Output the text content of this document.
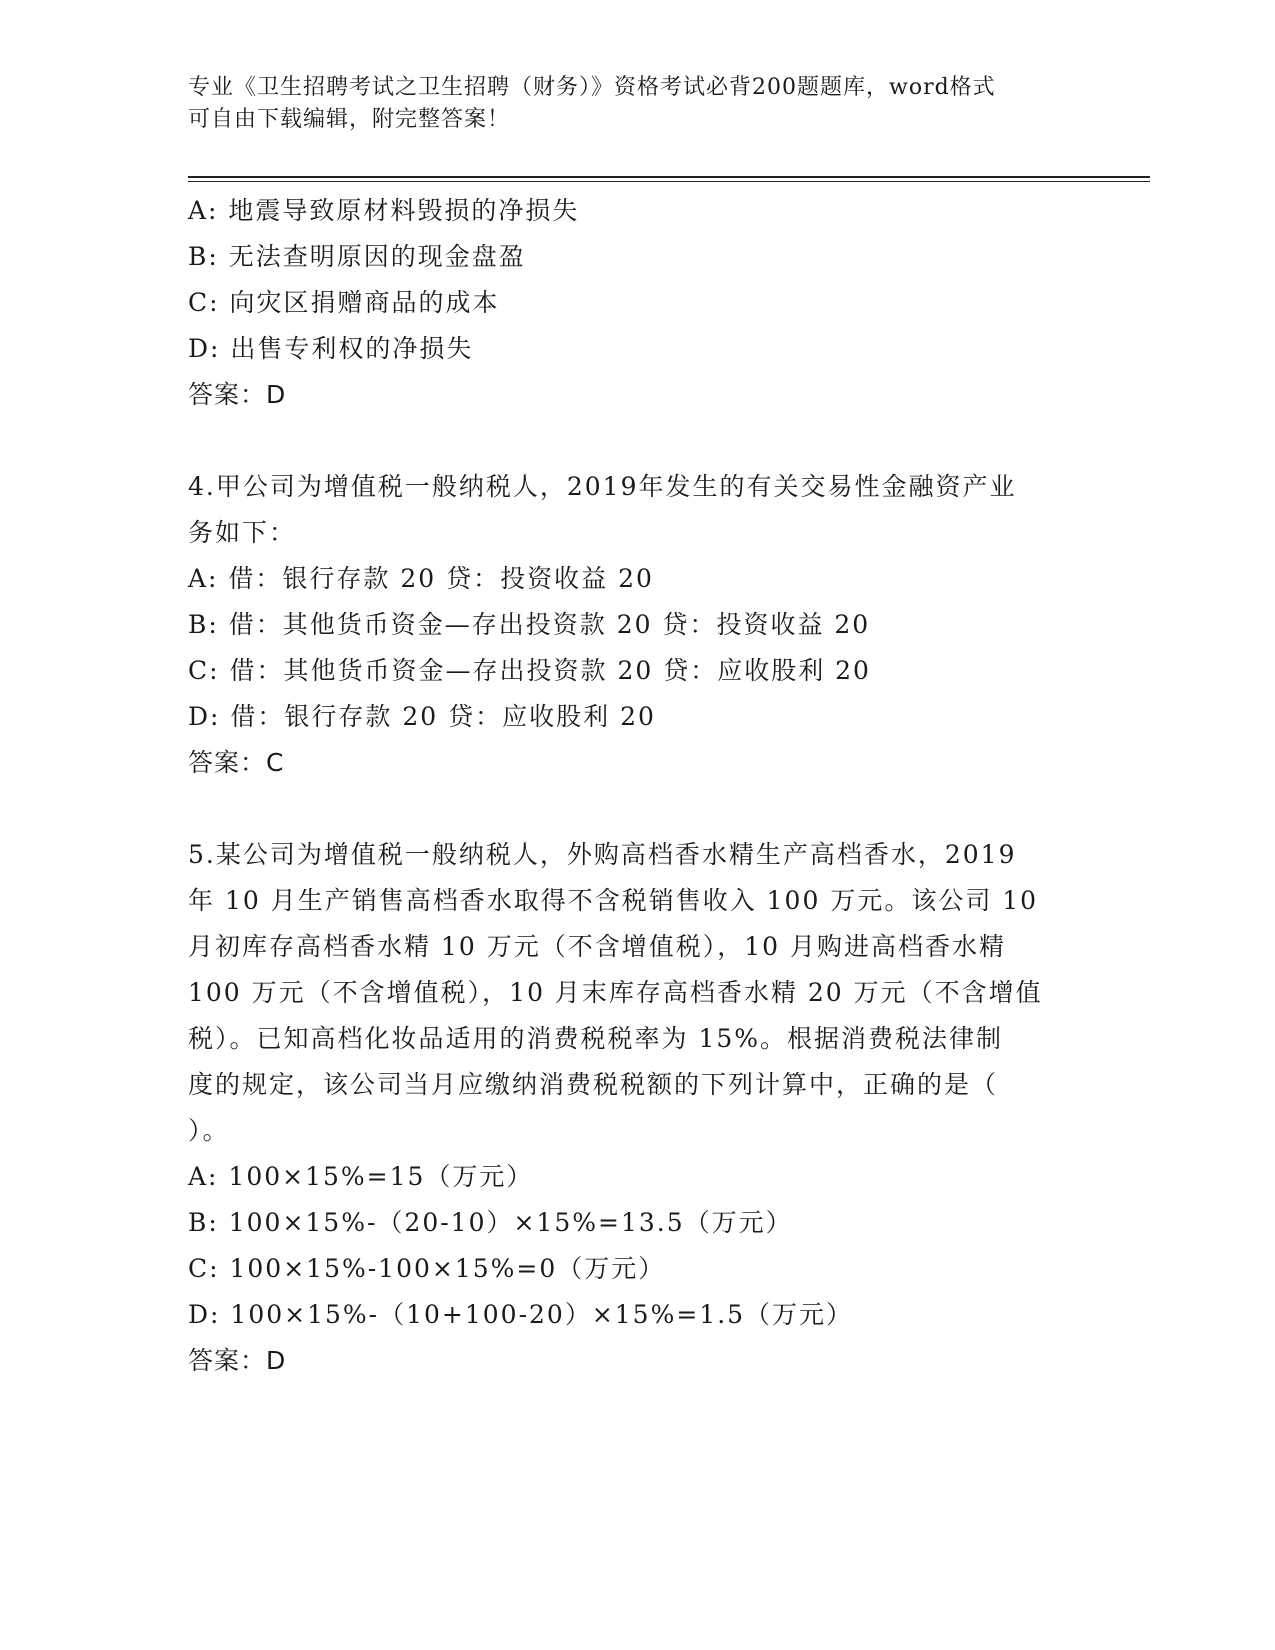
专业《卫生招聘考试之卫生招聘（财务）》资格考试必背200题题库，word格式
可自由下载编辑，附完整答案！
A: 地震导致原材料毁损的净损失
B: 无法查明原因的现金盘盈
C: 向灾区捐赠商品的成本
D: 出售专利权的净损失
答案：D
4.甲公司为增值税一般纳税人，2019年发生的有关交易性金融资产业
务如下：
A: 借：银行存款 20 贷：投资收益 20
B: 借：其他货币资金—存出投资款 20 贷：投资收益 20
C: 借：其他货币资金—存出投资款 20 贷：应收股利 20
D: 借：银行存款 20 贷：应收股利 20
答案：C
5.某公司为增值税一般纳税人，外购高档香水精生产高档香水，2019
年 10 月生产销售高档香水取得不含税销售收入 100 万元。该公司 10
月初库存高档香水精 10 万元（不含增值税），10 月购进高档香水精
100 万元（不含增值税），10 月末库存高档香水精 20 万元（不含增值
税）。已知高档化妆品适用的消费税税率为 15%。根据消费税法律制
度的规定，该公司当月应缴纳消费税税额的下列计算中，正确的是（
）。
A: 100×15%=15（万元）
B: 100×15%-（20-10）×15%=13.5（万元）
C: 100×15%-100×15%=0（万元）
D: 100×15%-（10+100-20）×15%=1.5（万元）
答案：D
